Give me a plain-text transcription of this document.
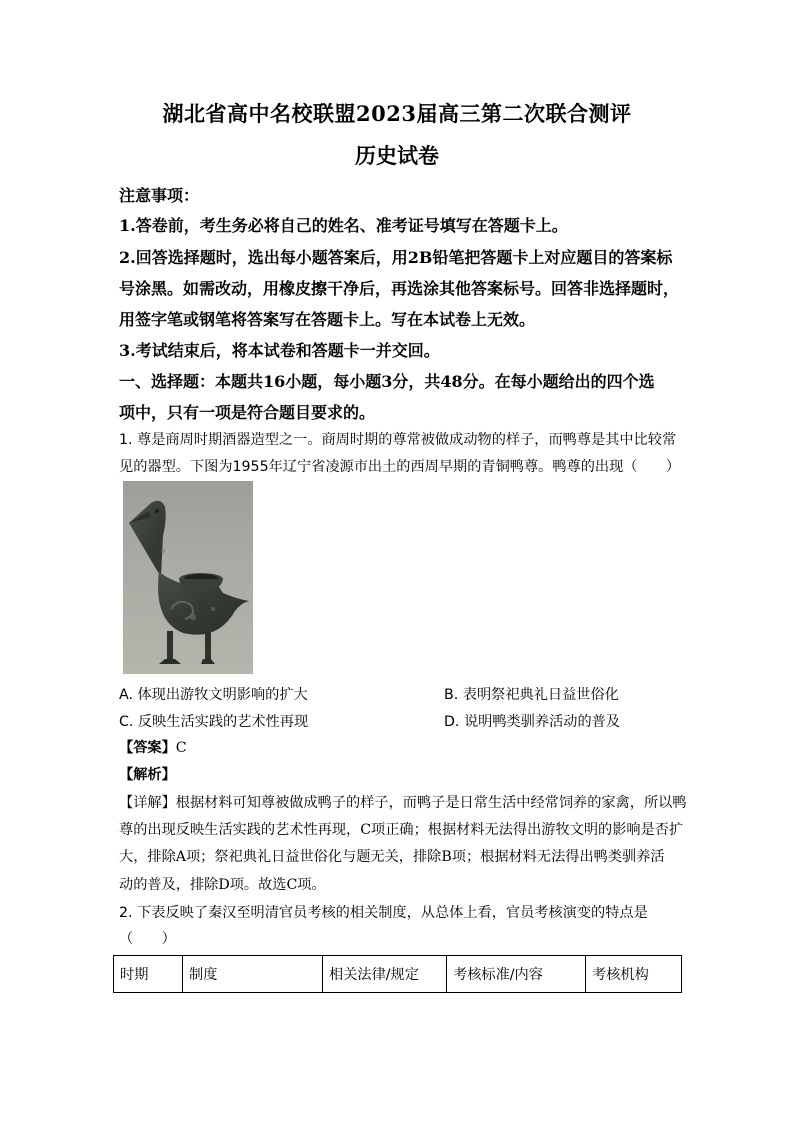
湖北省高中名校联盟2023届高三第二次联合测评
历史试卷
注意事项：
1.答卷前，考生务必将自己的姓名、准考证号填写在答题卡上。
2.回答选择题时，选出每小题答案后，用2B铅笔把答题卡上对应题目的答案标
号涂黑。如需改动，用橡皮擦干净后，再选涂其他答案标号。回答非选择题时，
用签字笔或钢笔将答案写在答题卡上。写在本试卷上无效。
3.考试结束后，将本试卷和答题卡一并交回。
一、选择题：本题共16小题，每小题3分，共48分。在每小题给出的四个选
项中，只有一项是符合题目要求的。
1. 尊是商周时期酒器造型之一。商周时期的尊常被做成动物的样子，而鸭尊是其中比较常
见的器型。下图为1955年辽宁省凌源市出土的西周早期的青铜鸭尊。鸭尊的出现（　　）
A. 体现出游牧文明影响的扩大	B. 表明祭祀典礼日益世俗化
C. 反映生活实践的艺术性再现	D. 说明鸭类驯养活动的普及
【答案】C
【解析】
【详解】根据材料可知尊被做成鸭子的样子，而鸭子是日常生活中经常饲养的家禽，所以鸭
尊的出现反映生活实践的艺术性再现，C项正确；根据材料无法得出游牧文明的影响是否扩
大，排除A项；祭祀典礼日益世俗化与题无关，排除B项；根据材料无法得出鸭类驯养活
动的普及，排除D项。故选C项。
2. 下表反映了秦汉至明清官员考核的相关制度，从总体上看，官员考核演变的特点是
（　　）
时期	制度	相关法律/规定	考核标准/内容	考核机构
